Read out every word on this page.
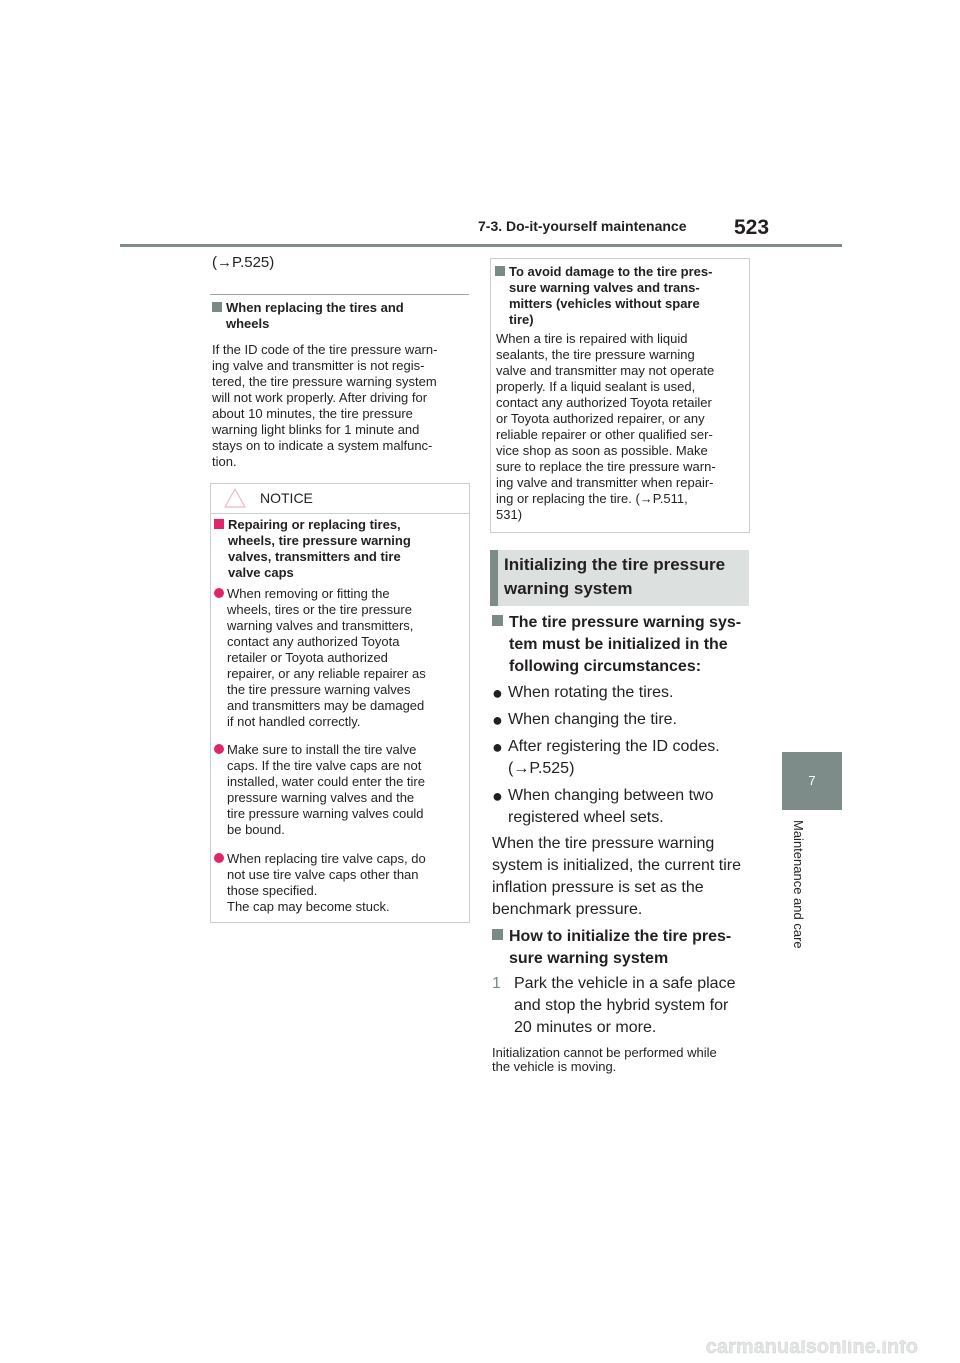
7-3. Do-it-yourself maintenance 523
7
Maintenance and care
(→P.525)
When replacing the tires and
wheels
If the ID code of the tire pressure warn-
ing valve and transmitter is not regis-
tered, the tire pressure warning system
will not work properly. After driving for
about 10 minutes, the tire pressure
warning light blinks for 1 minute and
stays on to indicate a system malfunc-
tion.
NOTICE
Repairing or replacing tires,
wheels, tire pressure warning
valves, transmitters and tire
valve caps
When removing or fitting the
wheels, tires or the tire pressure
warning valves and transmitters,
contact any authorized Toyota
retailer or Toyota authorized
repairer, or any reliable repairer as
the tire pressure warning valves
and transmitters may be damaged
if not handled correctly.
Make sure to install the tire valve
caps. If the tire valve caps are not
installed, water could enter the tire
pressure warning valves and the
tire pressure warning valves could
be bound.
When replacing tire valve caps, do
not use tire valve caps other than
those specified.
The cap may become stuck.
To avoid damage to the tire pres-
sure warning valves and trans-
mitters (vehicles without spare
tire)
When a tire is repaired with liquid
sealants, the tire pressure warning
valve and transmitter may not operate
properly. If a liquid sealant is used,
contact any authorized Toyota retailer
or Toyota authorized repairer, or any
reliable repairer or other qualified ser-
vice shop as soon as possible. Make
sure to replace the tire pressure warn-
ing valve and transmitter when repair-
ing or replacing the tire. (→P.511,
531)
Initializing the tire pressure
warning system
The tire pressure warning sys-
tem must be initialized in the
following circumstances:
● When rotating the tires.
● When changing the tire.
● After registering the ID codes.
(→P.525)
● When changing between two
registered wheel sets.
When the tire pressure warning
system is initialized, the current tire
inflation pressure is set as the
benchmark pressure.
How to initialize the tire pres-
sure warning system
1 Park the vehicle in a safe place
and stop the hybrid system for
20 minutes or more.
Initialization cannot be performed while
the vehicle is moving.
carmanualsonline.info
